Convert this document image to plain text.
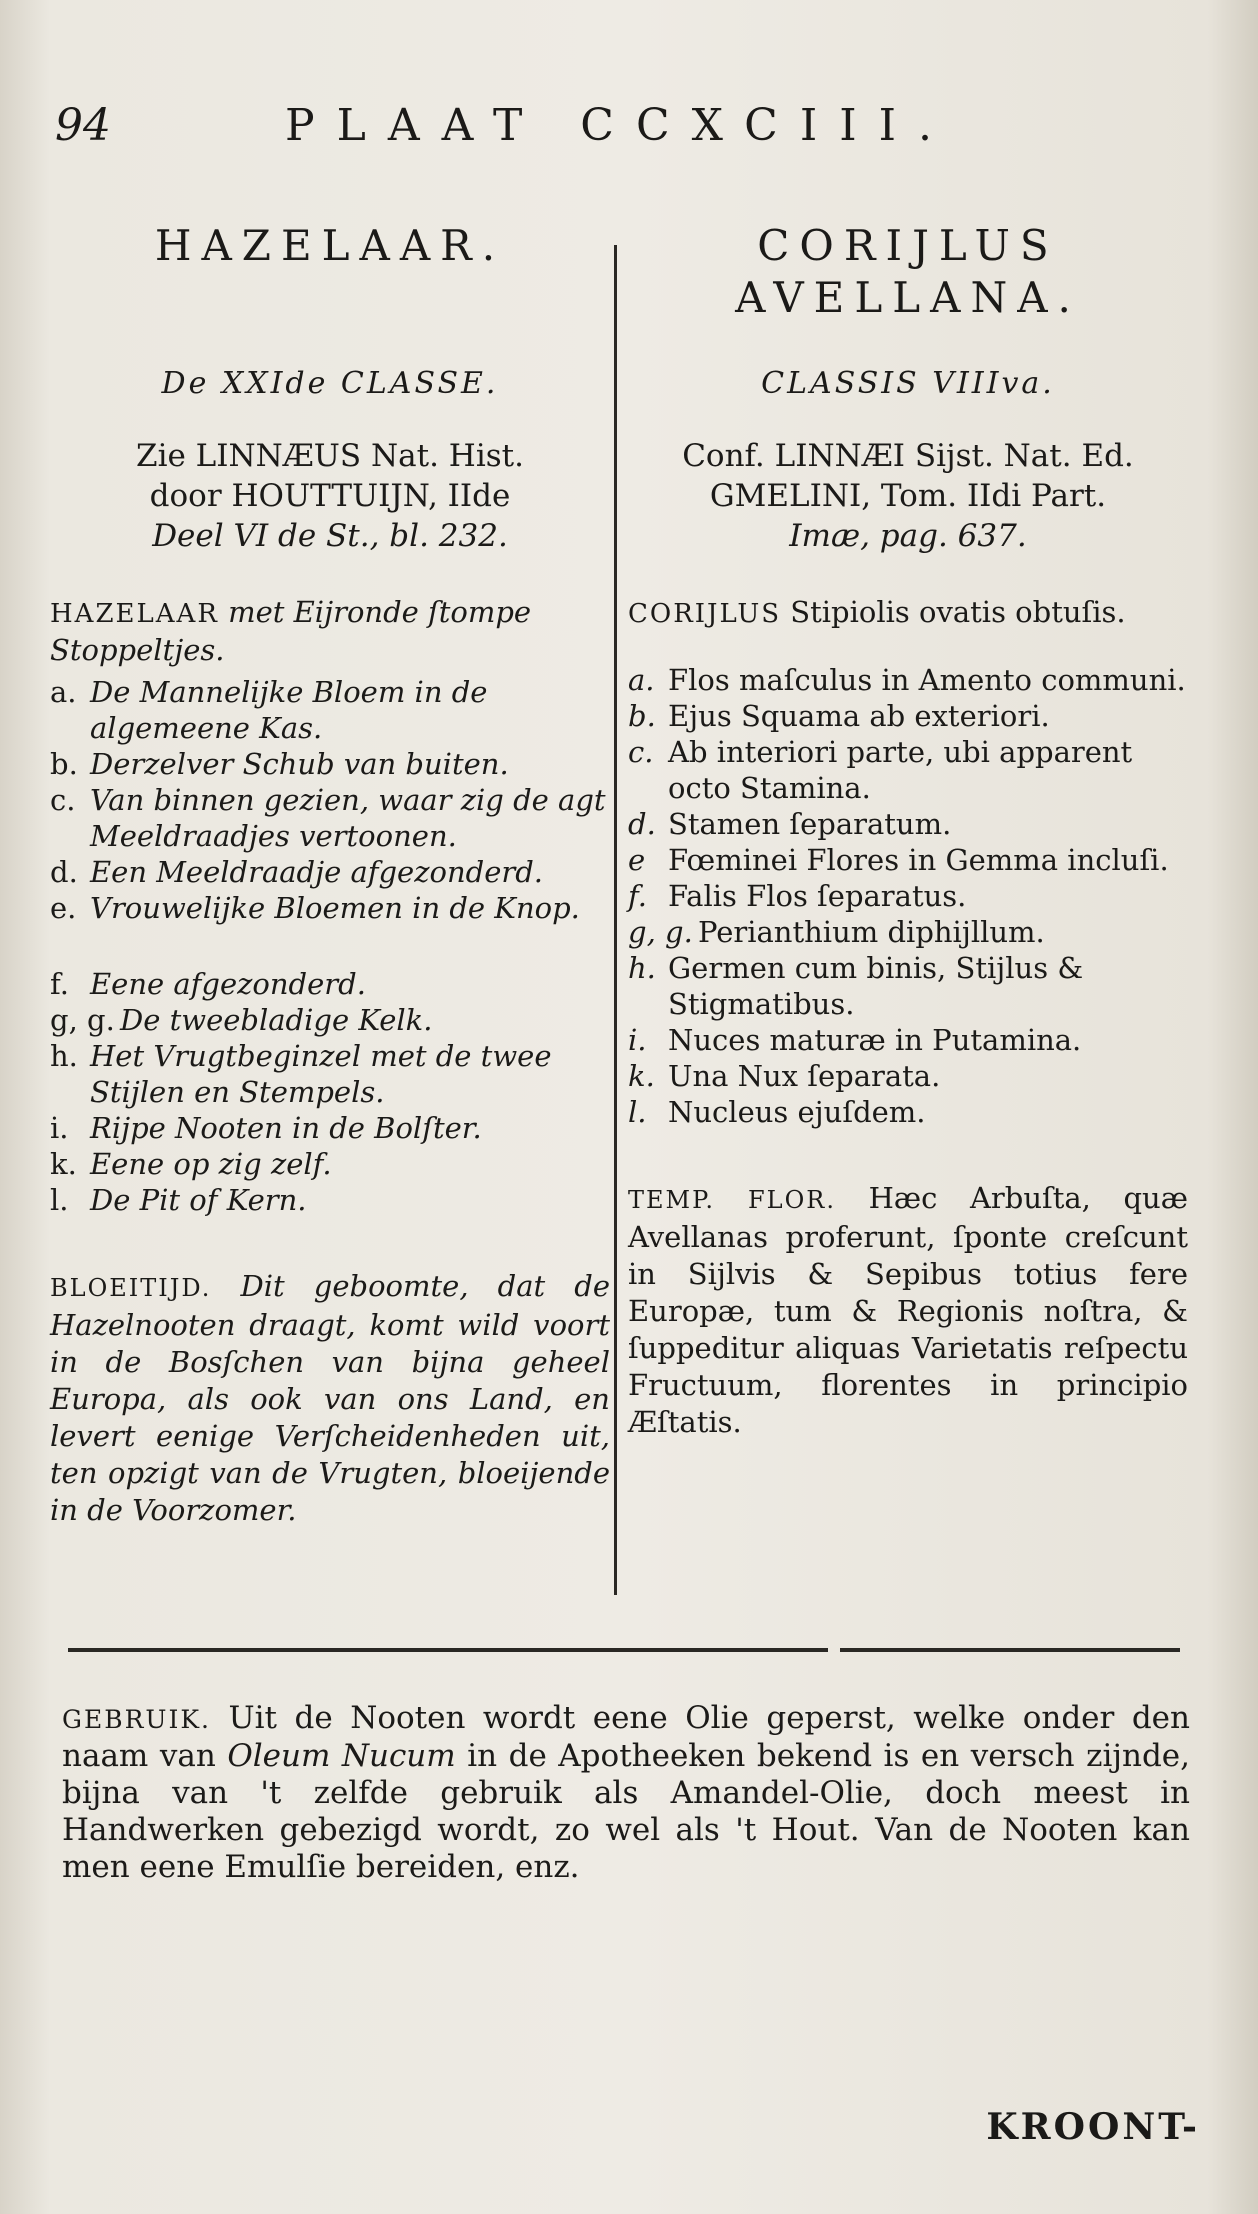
94	PLAAT CCXCIII.
HAZELAAR.
De XXIde CLASSE.
Zie LINNÆUS Nat. Hist.
door HOUTTUIJN, IIde
Deel VI de St., bl. 232.
HAZELAAR met Eijronde ſtompe Stoppeltjes.
a. De Mannelijke Bloem in de algemeene Kas.
b. Derzelver Schub van buiten.
c. Van binnen gezien, waar zig de agt Meeldraadjes vertoonen.
d. Een Meeldraadje afgezonderd.
e. Vrouwelijke Bloemen in de Knop.
f. Eene afgezonderd.
g, g. De tweebladige Kelk.
h. Het Vrugtbeginzel met de twee Stijlen en Stempels.
i. Rijpe Nooten in de Bolſter.
k. Eene op zig zelf.
l. De Pit of Kern.
BLOEITIJD. Dit geboomte, dat de Hazelnooten draagt, komt wild voort in de Bosſchen van bijna geheel Europa, als ook van ons Land, en levert eenige Verſcheidenheden uit, ten opzigt van de Vrugten, bloeijende in de Voorzomer.
CORIJLUS AVELLANA.
CLASSIS VIIIva.
Conf. LINNÆI Sijst. Nat. Ed.
GMELINI, Tom. IIdi Part.
Imæ, pag. 637.
CORIJLUS Stipiolis ovatis obtuſis.
a. Flos maſculus in Amento communi.
b. Ejus Squama ab exteriori.
c. Ab interiori parte, ubi apparent octo Stamina.
d. Stamen ſeparatum.
e Fœminei Flores in Gemma incluſi.
f. Falis Flos ſeparatus.
g, g. Perianthium diphijllum.
h. Germen cum binis, Stijlus & Stigmatibus.
i. Nuces maturæ in Putamina.
k. Una Nux ſeparata.
l. Nucleus ejuſdem.
TEMP. FLOR. Hæc Arbuſta, quæ Avellanas proferunt, ſponte creſcunt in Sijlvis & Sepibus totius fere Europæ, tum & Regionis noſtra, & ſuppeditur aliquas Varietatis reſpectu Fructuum, florentes in principio Æſtatis.
GEBRUIK. Uit de Nooten wordt eene Olie geperst, welke onder den naam van Oleum Nucum in de Apotheeken bekend is en versch zijnde, bijna van 't zelfde gebruik als Amandel-Olie, doch meest in Handwerken gebezigd wordt, zo wel als 't Hout. Van de Nooten kan men eene Emulſie bereiden, enz.
KROONT-
